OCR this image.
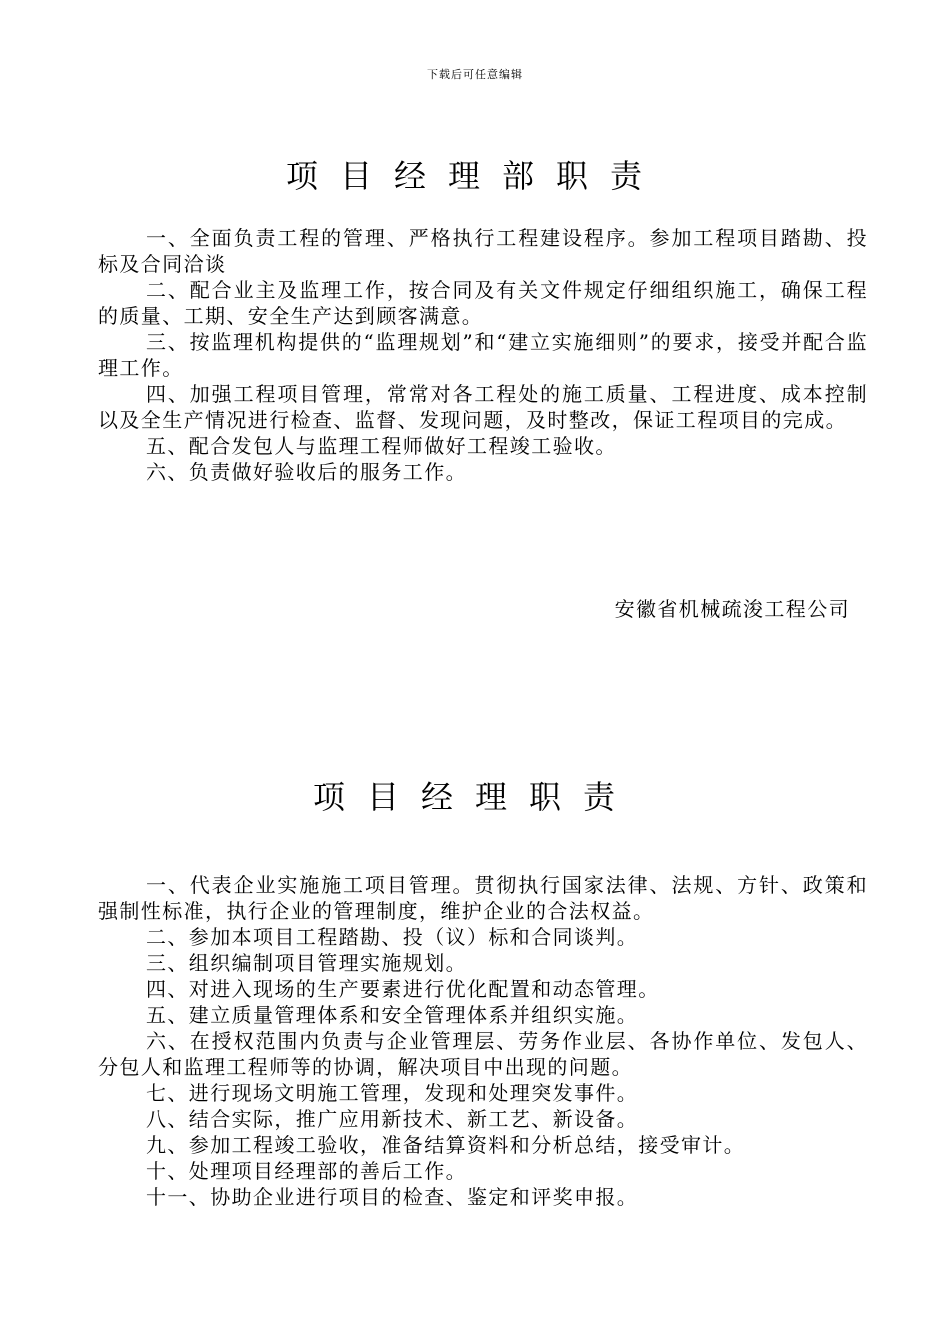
下载后可任意编辑
项目经理部职责

一、全面负责工程的管理、严格执行工程建设程序。参加工程项目踏勘、投标及合同洽谈

二、配合业主及监理工作，按合同及有关文件规定仔细组织施工，确保工程的质量、工期、安全生产达到顾客满意。

三、按监理机构提供的“监理规划”和“建立实施细则”的要求，接受并配合监理工作。

四、加强工程项目管理，常常对各工程处的施工质量、工程进度、成本控制以及全生产情况进行检查、监督、发现问题，及时整改，保证工程项目的完成。

五、配合发包人与监理工程师做好工程竣工验收。

六、负责做好验收后的服务工作。

安徽省机械疏浚工程公司
项目经理职责

一、代表企业实施施工项目管理。贯彻执行国家法律、法规、方针、政策和强制性标准，执行企业的管理制度，维护企业的合法权益。

二、参加本项目工程踏勘、投（议）标和合同谈判。

三、组织编制项目管理实施规划。

四、对进入现场的生产要素进行优化配置和动态管理。

五、建立质量管理体系和安全管理体系并组织实施。

六、在授权范围内负责与企业管理层、劳务作业层、各协作单位、发包人、分包人和监理工程师等的协调，解决项目中出现的问题。

七、进行现场文明施工管理，发现和处理突发事件。

八、结合实际，推广应用新技术、新工艺、新设备。

九、参加工程竣工验收，准备结算资料和分析总结，接受审计。

十、处理项目经理部的善后工作。

十一、协助企业进行项目的检查、鉴定和评奖申报。
